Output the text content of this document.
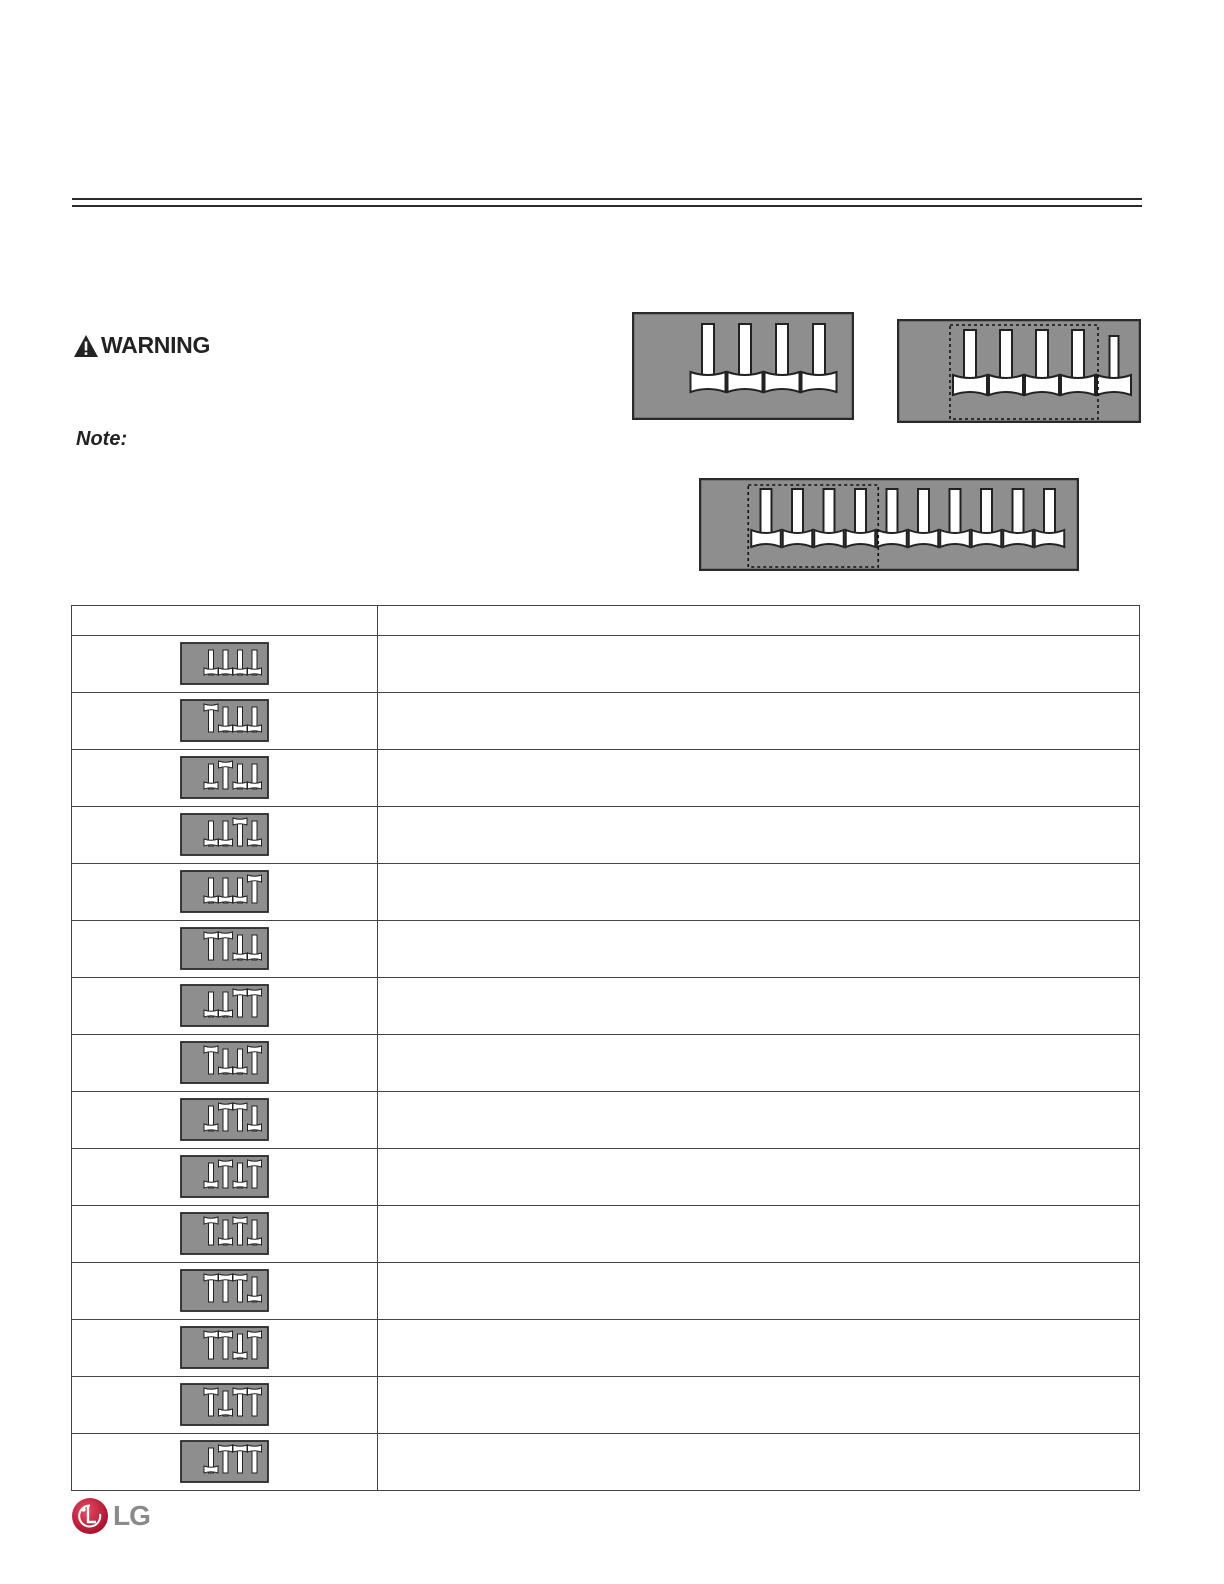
WARNING
Note:

LG
